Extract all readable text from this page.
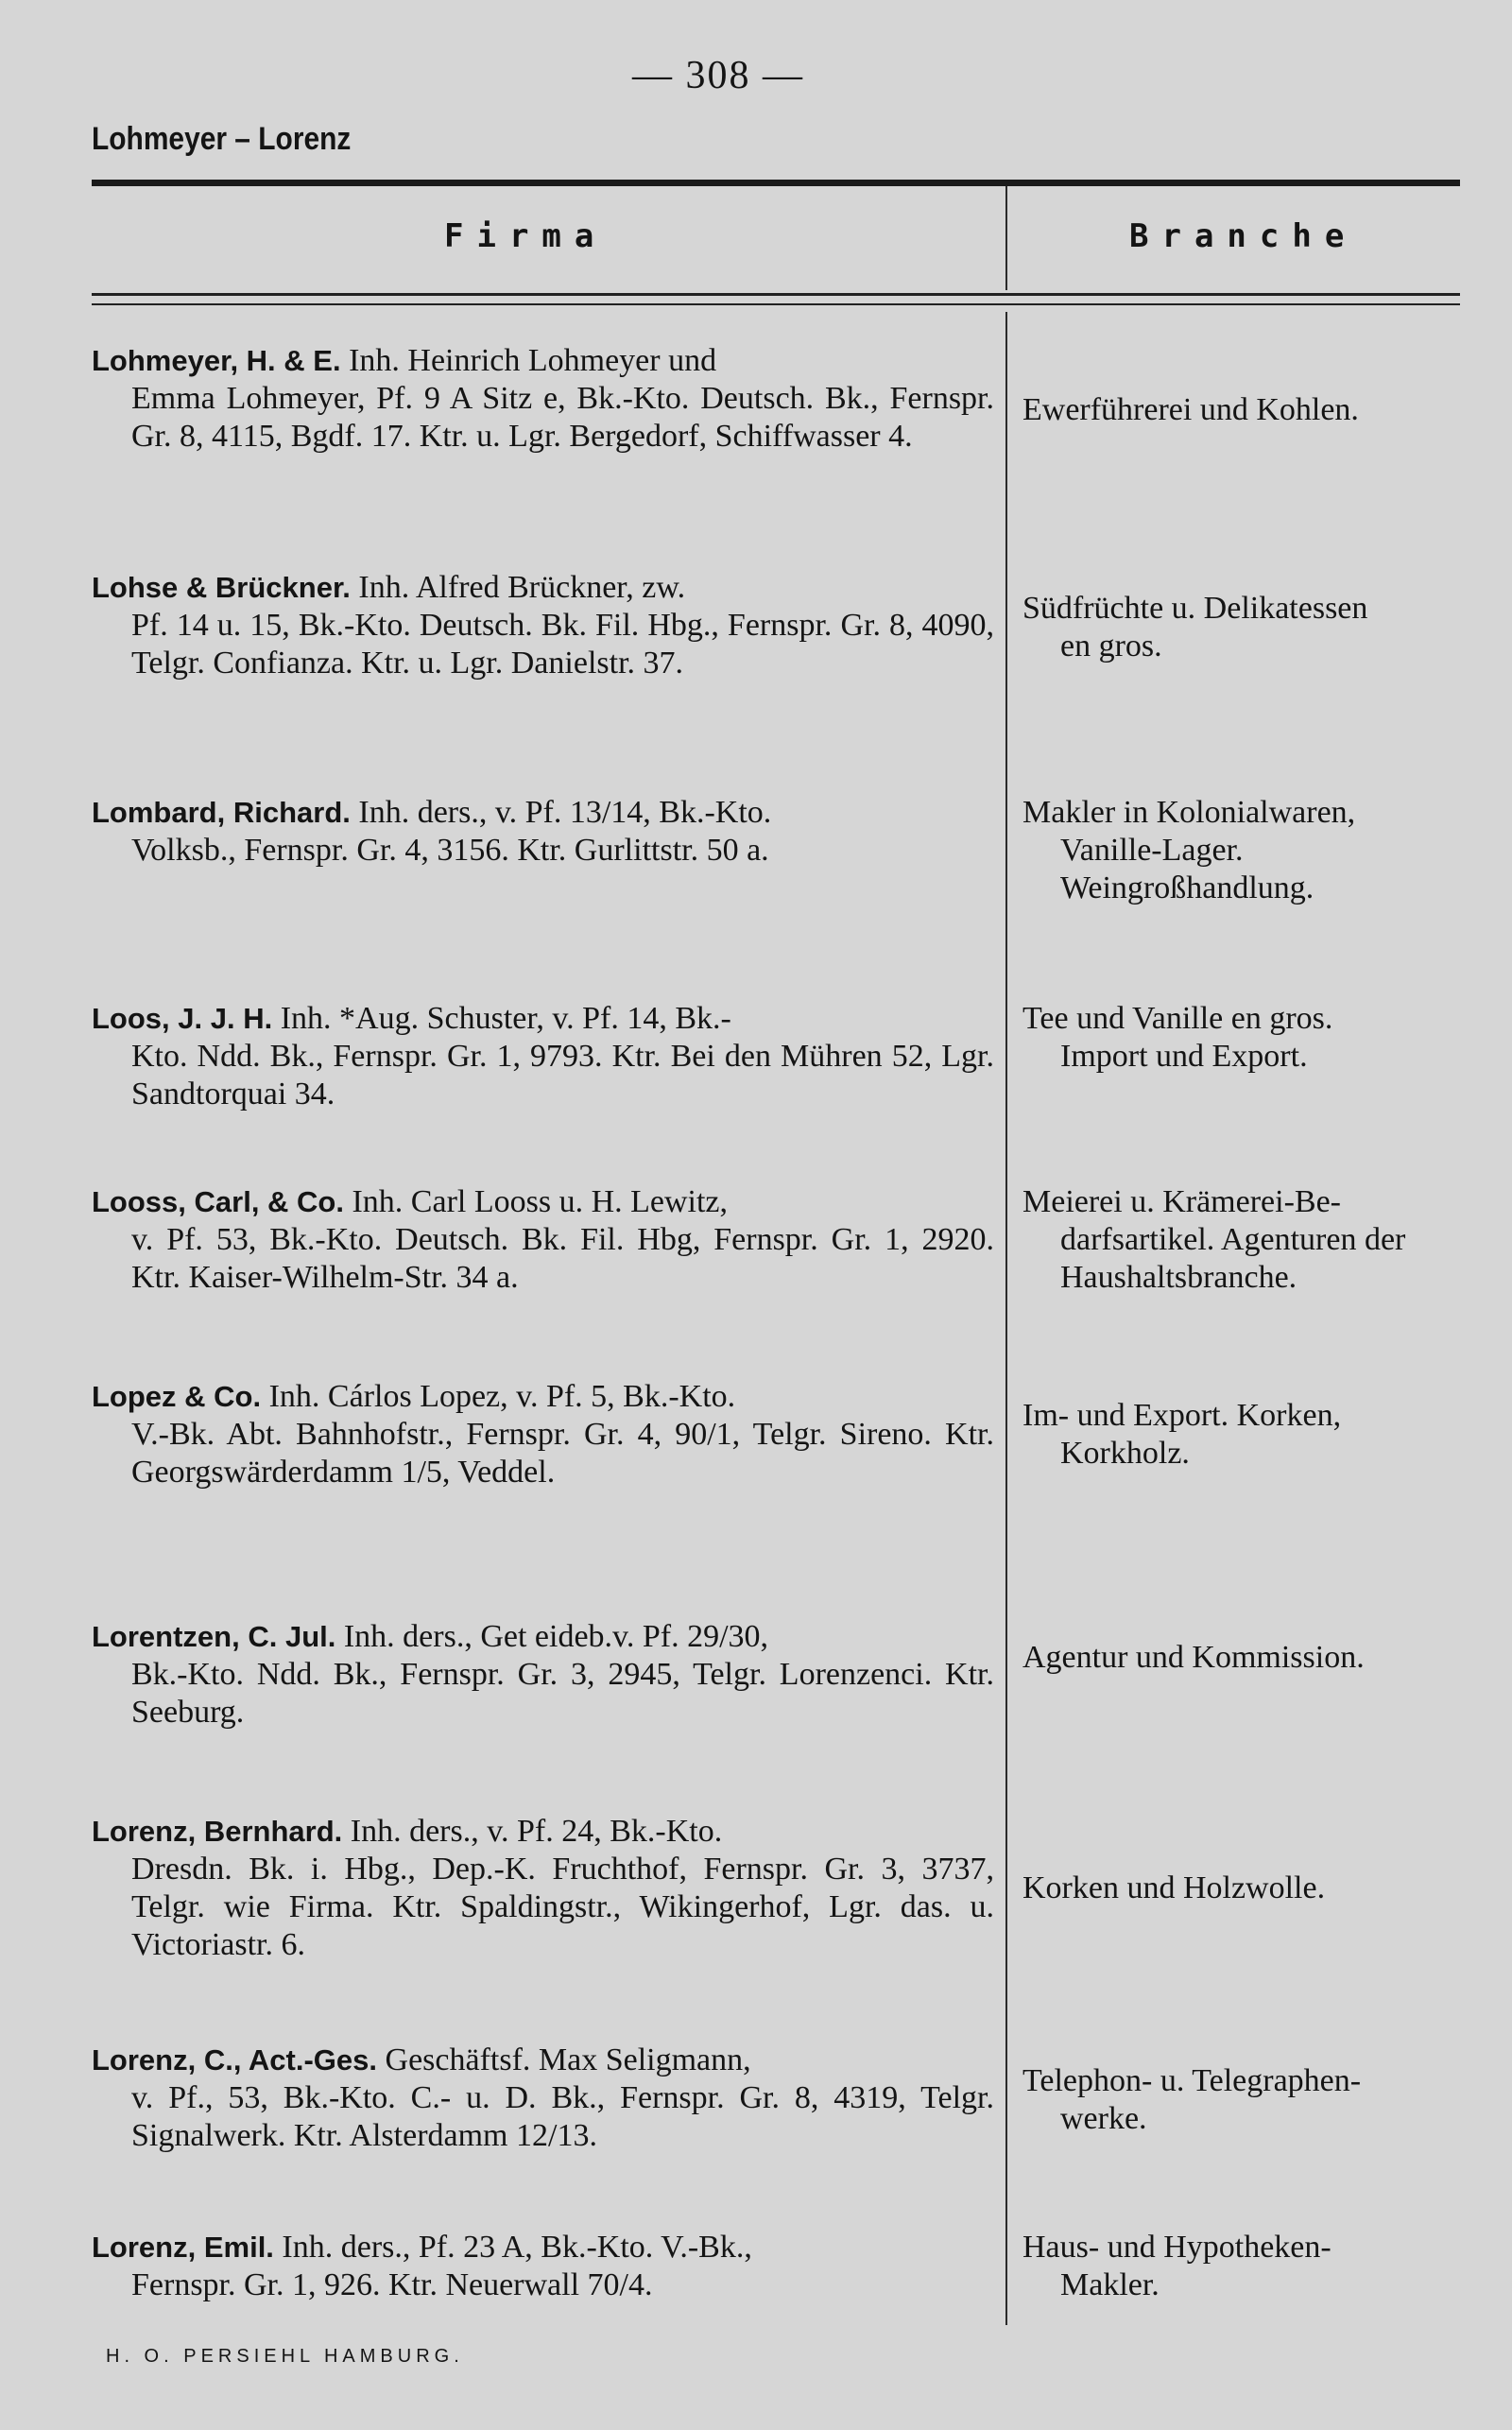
— 308 —
Lohmeyer – Lorenz
Firma	Branche
Lohmeyer, H. & E. Inh. Heinrich Lohmeyer und
Emma Lohmeyer, Pf. 9 A Sitz e, Bk.-Kto. Deutsch. Bk., Fernspr. Gr. 8, 4115, Bgdf. 17. Ktr. u. Lgr. Bergedorf, Schiffwasser 4.
Ewerführerei und Kohlen.
Lohse & Brückner. Inh. Alfred Brückner, zw.
Pf. 14 u. 15, Bk.-Kto. Deutsch. Bk. Fil. Hbg., Fernspr. Gr. 8, 4090, Telgr. Confianza. Ktr. u. Lgr. Danielstr. 37.
Südfrüchte u. Delikatessen
en gros.
Lombard, Richard. Inh. ders., v. Pf. 13/14, Bk.-Kto.
Volksb., Fernspr. Gr. 4, 3156. Ktr. Gurlittstr. 50 a.
Makler in Kolonialwaren,
Vanille-Lager. Weingroßhandlung.
Loos, J. J. H. Inh. *Aug. Schuster, v. Pf. 14, Bk.-
Kto. Ndd. Bk., Fernspr. Gr. 1, 9793. Ktr. Bei den Mühren 52, Lgr. Sandtorquai 34.
Tee und Vanille en gros.
Import und Export.
Looss, Carl, & Co. Inh. Carl Looss u. H. Lewitz,
v. Pf. 53, Bk.-Kto. Deutsch. Bk. Fil. Hbg, Fernspr. Gr. 1, 2920. Ktr. Kaiser-Wilhelm-Str. 34 a.
Meierei u. Krämerei-Be-
darfsartikel. Agenturen der Haushaltsbranche.
Lopez & Co. Inh. Cárlos Lopez, v. Pf. 5, Bk.-Kto.
V.-Bk. Abt. Bahnhofstr., Fernspr. Gr. 4, 90/1, Telgr. Sireno. Ktr. Georgswärderdamm 1/5, Veddel.
Im- und Export. Korken,
Korkholz.
Lorentzen, C. Jul. Inh. ders., Get eideb.v. Pf. 29/30,
Bk.-Kto. Ndd. Bk., Fernspr. Gr. 3, 2945, Telgr. Lorenzenci. Ktr. Seeburg.
Agentur und Kommission.
Lorenz, Bernhard. Inh. ders., v. Pf. 24, Bk.-Kto.
Dresdn. Bk. i. Hbg., Dep.-K. Fruchthof, Fernspr. Gr. 3, 3737, Telgr. wie Firma. Ktr. Spaldingstr., Wikingerhof, Lgr. das. u. Victoriastr. 6.
Korken und Holzwolle.
Lorenz, C., Act.-Ges. Geschäftsf. Max Seligmann,
v. Pf., 53, Bk.-Kto. C.- u. D. Bk., Fernspr. Gr. 8, 4319, Telgr. Signalwerk. Ktr. Alsterdamm 12/13.
Telephon- u. Telegraphen-
werke.
Lorenz, Emil. Inh. ders., Pf. 23 A, Bk.-Kto. V.-Bk.,
Fernspr. Gr. 1, 926. Ktr. Neuerwall 70/4.
Haus- und Hypotheken-
Makler.
H. O. PERSIEHL HAMBURG.
